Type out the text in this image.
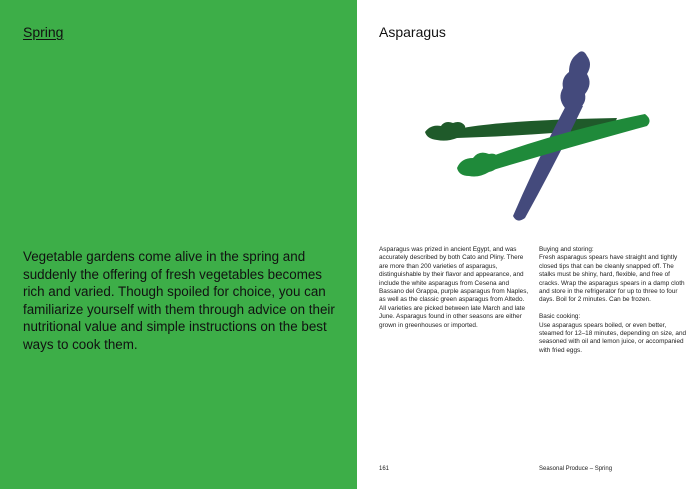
Spring

Vegetable gardens come alive in the spring and suddenly the offering of fresh vegetables becomes rich and varied. Though spoiled for choice, you can familiarize yourself with them through advice on their nutritional value and simple instructions on the best ways to cook them.

Asparagus

Asparagus was prized in ancient Egypt, and was accurately described by both Cato and Pliny. There are more than 200 varieties of asparagus, distinguishable by their flavor and appearance, and include the white asparagus from Cesena and Bassano del Grappa, purple asparagus from Naples, as well as the classic green asparagus from Altedo. All varieties are picked between late March and late June. Asparagus found in other seasons are either grown in greenhouses or imported.

Buying and storing:

Fresh asparagus spears have straight and tightly closed tips that can be cleanly snapped off. The stalks must be shiny, hard, flexible, and free of cracks. Wrap the asparagus spears in a damp cloth and store in the refrigerator for up to three to four days. Boil for 2 minutes. Can be frozen.

Basic cooking:

Use asparagus spears boiled, or even better, steamed for 12–18 minutes, depending on size, and seasoned with oil and lemon juice, or accompanied with fried eggs.

161	Seasonal Produce – Spring
